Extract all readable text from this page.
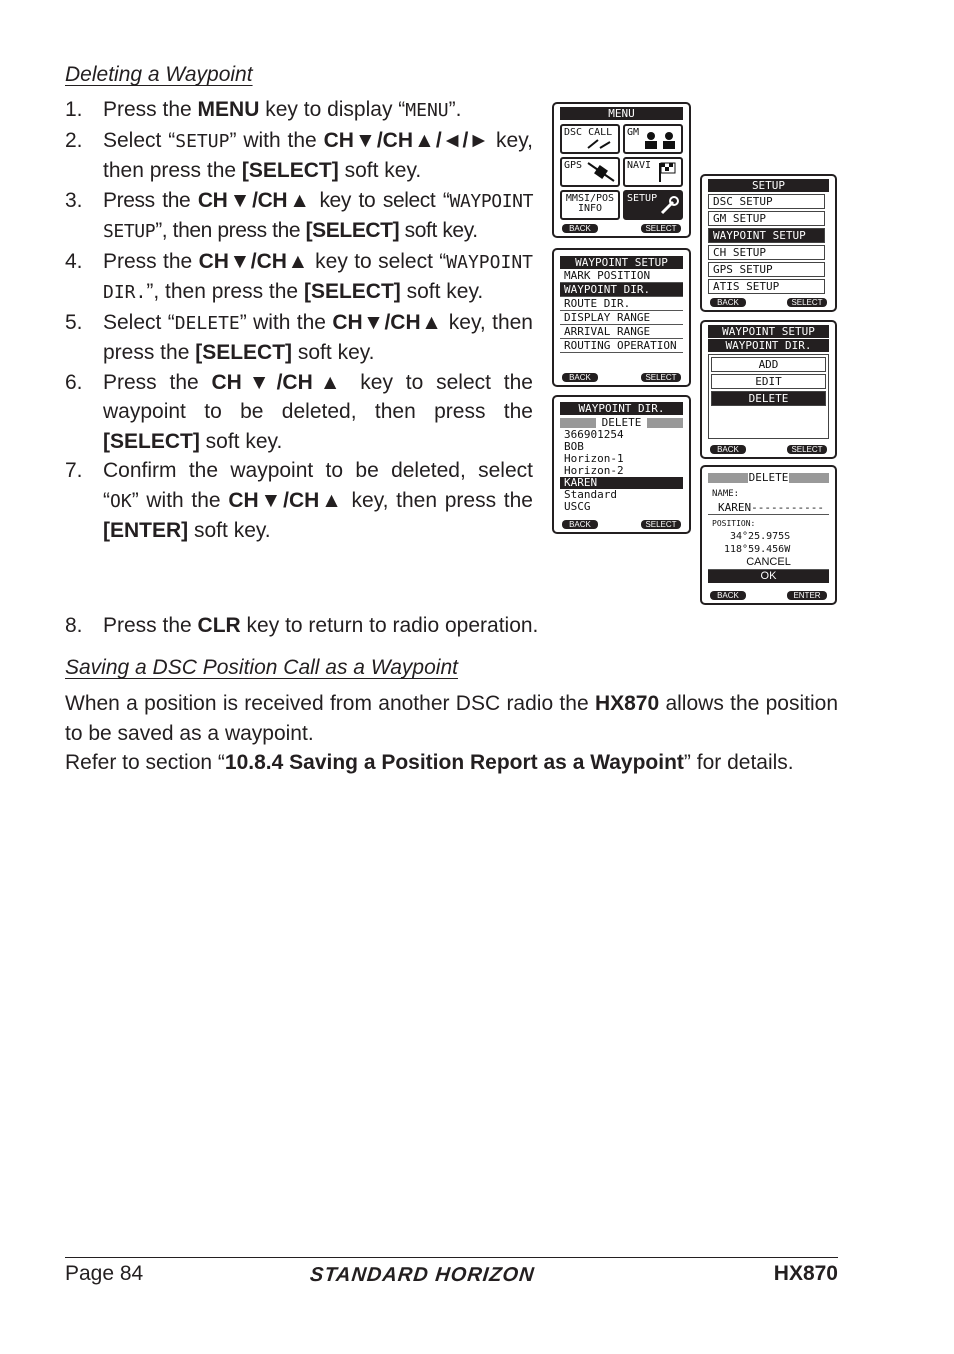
Deleting a Waypoint
1. Press the MENU key to display “MENU”.
2. Select “SETUP” with the CH▼/CH▲/◄/► key, then press the [SELECT] soft key.
3. Press the CH▼/CH▲ key to select “WAYPOINT SETUP”, then press the [SELECT] soft key.
4. Press the CH▼/CH▲ key to select “WAYPOINT DIR.”, then press the [SELECT] soft key.
5. Select “DELETE” with the CH▼/CH▲ key, then press the [SELECT] soft key.
6. Press the CH▼/CH▲ key to select the waypoint to be deleted, then press the [SELECT] soft key.
7. Confirm the waypoint to be deleted, select “OK” with the CH▼/CH▲ key, then press the [ENTER] soft key.
8. Press the CLR key to return to radio operation.
Saving a DSC Position Call as a Waypoint
When a position is received from another DSC radio the HX870 allows the position to be saved as a waypoint.
Refer to section “10.8.4 Saving a Position Report as a Waypoint” for details.
MENU
DSC CALL	GM
GPS	NAVI
MMSI/POS INFO
SETUP
BACK	SELECT
SETUP
DSC SETUP
GM SETUP
WAYPOINT SETUP
CH SETUP
GPS SETUP
ATIS SETUP
BACK	SELECT
WAYPOINT SETUP
MARK POSITION
WAYPOINT DIR.
ROUTE DIR.
DISPLAY RANGE
ARRIVAL RANGE
ROUTING OPERATION
BACK	SELECT
WAYPOINT SETUP
WAYPOINT DIR.
ADD
EDIT
DELETE
BACK	SELECT
WAYPOINT DIR.
DELETE
366901254
BOB
Horizon-1
Horizon-2
KAREN
Standard
USCG
BACK	SELECT
DELETE
NAME:
KAREN-----------
POSITION:
34°25.975S
118°59.456W
CANCEL
OK
BACK	ENTER
Page 84	STANDARD HORIZON	HX870
